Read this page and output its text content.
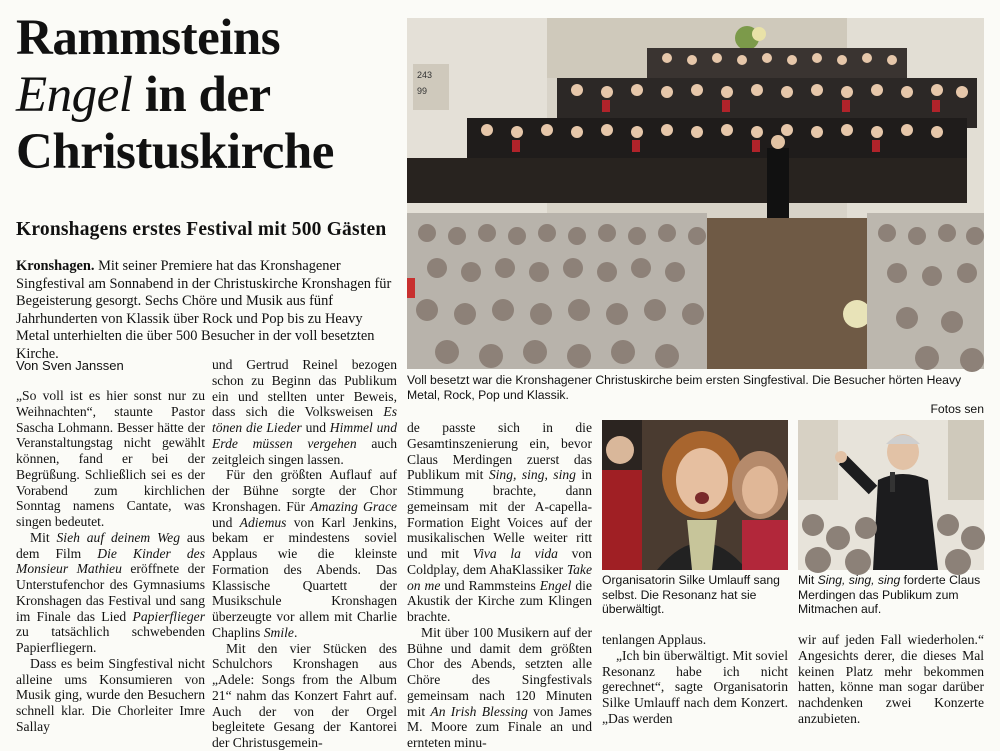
Rammsteins
Engel in der
Christuskirche
Kronshagens erstes Festival mit 500 Gästen

Kronshagen. Mit seiner Premiere hat das Kronshagener Singfestival am Sonnabend in der Christuskirche Kronshagen für Begeisterung gesorgt. Sechs Chöre und Musik aus fünf Jahrhunderten von Klassik über Rock und Pop bis zu Heavy Metal unterhielten die über 500 Besucher in der voll besetzten Kirche.

Von Sven Janssen

„So voll ist es hier sonst nur zu Weihnachten“, staunte Pastor Sascha Lohmann. Besser hätte der Veranstaltungstag nicht gewählt können, fand er bei der Begrüßung. Schließlich sei es der Vorabend zum kirchlichen Sonntag namens Cantate, was singen bedeutet.

Mit Sieh auf deinem Weg aus dem Film Die Kinder des Monsieur Mathieu eröffnete der Unterstufenchor des Gymnasiums Kronshagen das Festival und sang im Finale das Lied Papierflieger zu tatsächlich schwebenden Papierfliegern.

Dass es beim Singfestival nicht alleine ums Konsumieren von Musik ging, wurde den Besuchern schnell klar. Die Chorleiter Imre Sallay

und Gertrud Reinel bezogen schon zu Beginn das Publikum ein und stellten unter Beweis, dass sich die Volksweisen Es tönen die Lieder und Himmel und Erde müssen vergehen auch zeitgleich singen lassen.

Für den größten Auflauf auf der Bühne sorgte der Chor Kronshagen. Für Amazing Grace und Adiemus von Karl Jenkins, bekam er mindestens soviel Applaus wie die kleinste Formation des Abends. Das Klassische Quartett der Musikschule Kronshagen überzeugte vor allem mit Charlie Chaplins Smile.

Mit den vier Stücken des Schulchors Kronshagen aus „Adele: Songs from the Album 21“ nahm das Konzert Fahrt auf. Auch der von der Orgel begleitete Gesang der Kantorei der Christusgemein-

de passte sich in die Gesamtinszenierung ein, bevor Claus Merdingen zuerst das Publikum mit Sing, sing, sing in Stimmung brachte, dann gemeinsam mit der A-capella-Formation Eight Voices auf der musikalischen Welle weiter ritt und mit Viva la vida von Coldplay, dem AhaKlassiker Take on me und Rammsteins Engel die Akustik der Kirche zum Klingen brachte.

Mit über 100 Musikern auf der Bühne und damit dem größten Chor des Abends, setzten alle Chöre des Singfestivals gemeinsam nach 120 Minuten mit An Irish Blessing von James M. Moore zum Finale an und ernteten minu-

tenlangen Applaus.

„Ich bin überwältigt. Mit soviel Resonanz habe ich nicht gerechnet“, sagte Organisatorin Silke Umlauff nach dem Konzert. „Das werden

wir auf jeden Fall wiederholen.“ Angesichts derer, die dieses Mal keinen Platz mehr bekommen hatten, könne man sogar darüber nachdenken zwei Konzerte anzubieten.

243
99
Voll besetzt war die Kronshagener Christuskirche beim ersten Singfestival. Die Besucher hörten Heavy Metal, Rock, Pop und Klassik.
Fotos sen
Organisatorin Silke Umlauff sang selbst. Die Resonanz hat sie überwältigt.
Mit Sing, sing, sing forderte Claus Merdingen das Publikum zum Mitmachen auf.
